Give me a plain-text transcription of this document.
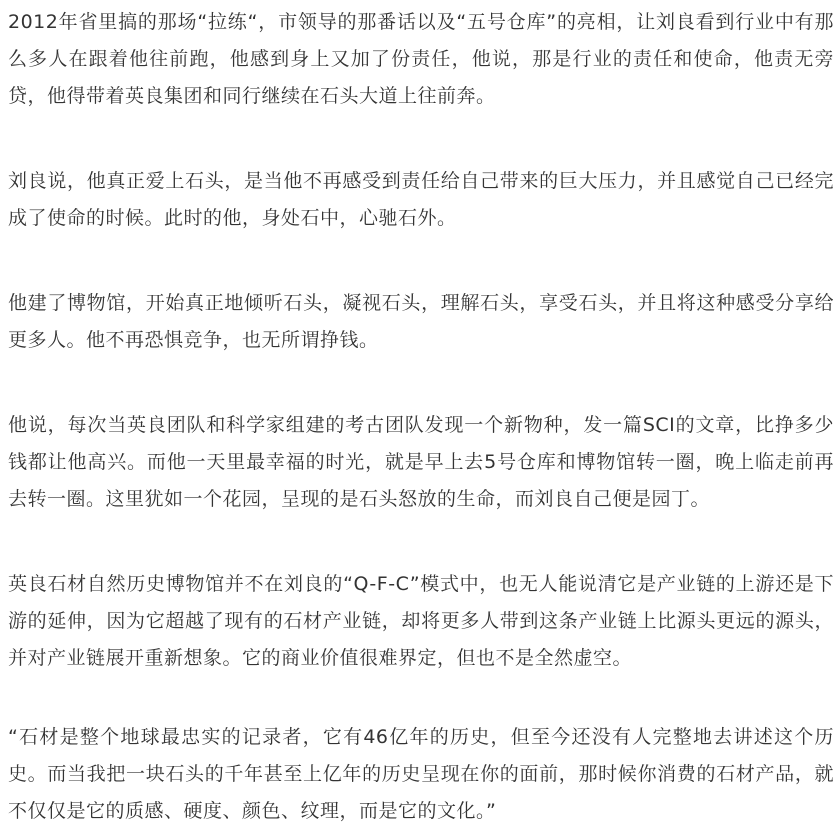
2012年省里搞的那场“拉练“，市领导的那番话以及“五号仓库”的亮相，让刘良看到行业中有那么多人在跟着他往前跑，他感到身上又加了份责任，他说，那是行业的责任和使命，他责无旁贷，他得带着英良集团和同行继续在石头大道上往前奔。

刘良说，他真正爱上石头，是当他不再感受到责任给自己带来的巨大压力，并且感觉自己已经完成了使命的时候。此时的他，身处石中，心驰石外。

他建了博物馆，开始真正地倾听石头，凝视石头，理解石头，享受石头，并且将这种感受分享给更多人。他不再恐惧竞争，也无所谓挣钱。

他说，每次当英良团队和科学家组建的考古团队发现一个新物种，发一篇SCI的文章，比挣多少钱都让他高兴。而他一天里最幸福的时光，就是早上去5号仓库和博物馆转一圈，晚上临走前再去转一圈。这里犹如一个花园，呈现的是石头怒放的生命，而刘良自己便是园丁。

英良石材自然历史博物馆并不在刘良的“Q-F-C”模式中，也无人能说清它是产业链的上游还是下游的延伸，因为它超越了现有的石材产业链，却将更多人带到这条产业链上比源头更远的源头，并对产业链展开重新想象。它的商业价值很难界定，但也不是全然虚空。

“石材是整个地球最忠实的记录者，它有46亿年的历史，但至今还没有人完整地去讲述这个历史。而当我把一块石头的千年甚至上亿年的历史呈现在你的面前，那时候你消费的石材产品，就不仅仅是它的质感、硬度、颜色、纹理，而是它的文化。”
